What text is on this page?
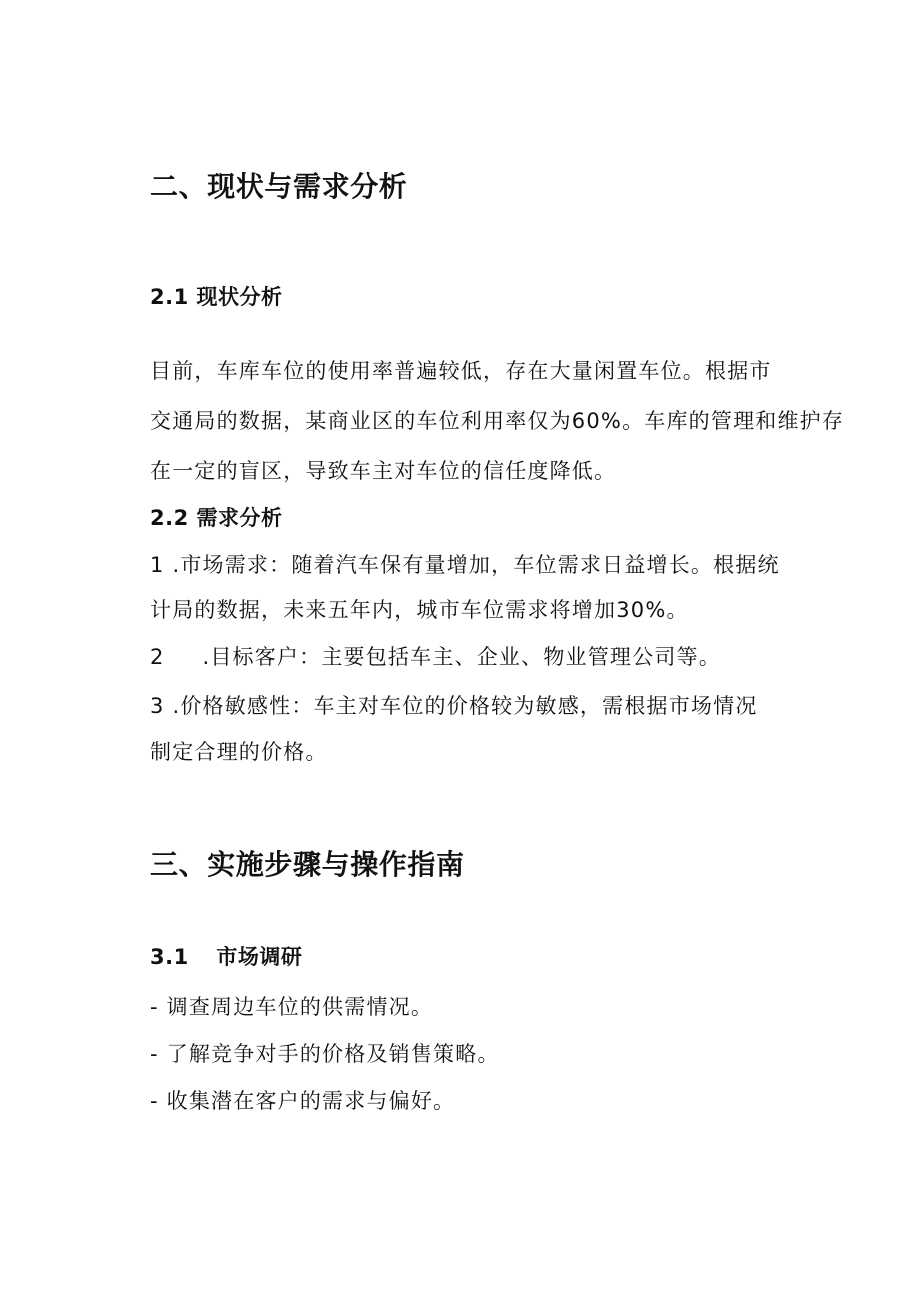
二、现状与需求分析
2.1 现状分析
目前，车库车位的使用率普遍较低，存在大量闲置车位。根据市
交通局的数据，某商业区的车位利用率仅为60%。车库的管理和维护存
在一定的盲区，导致车主对车位的信任度降低。
2.2 需求分析
1 .市场需求：随着汽车保有量增加，车位需求日益增长。根据统
计局的数据，未来五年内，城市车位需求将增加30%。
2 .目标客户：主要包括车主、企业、物业管理公司等。
3 .价格敏感性：车主对车位的价格较为敏感，需根据市场情况
制定合理的价格。
三、实施步骤与操作指南
3.1 市场调研
- 调查周边车位的供需情况。
- 了解竞争对手的价格及销售策略。
- 收集潜在客户的需求与偏好。
